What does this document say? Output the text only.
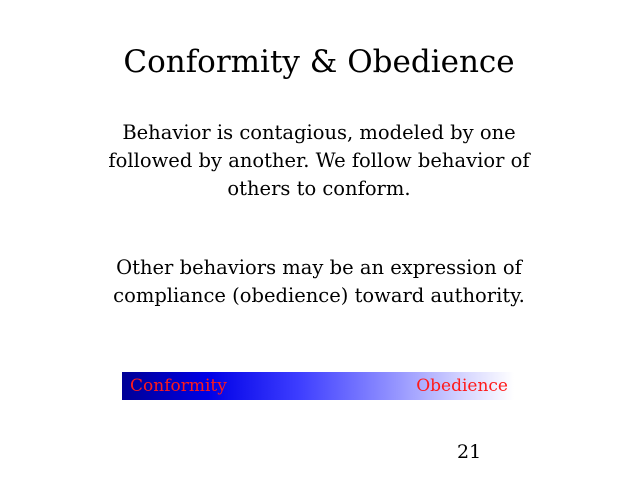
Conformity & Obedience
Behavior is contagious, modeled by one
followed by another. We follow behavior of
others to conform.
Other behaviors may be an expression of
compliance (obedience) toward authority.
Conformity	Obedience
21
